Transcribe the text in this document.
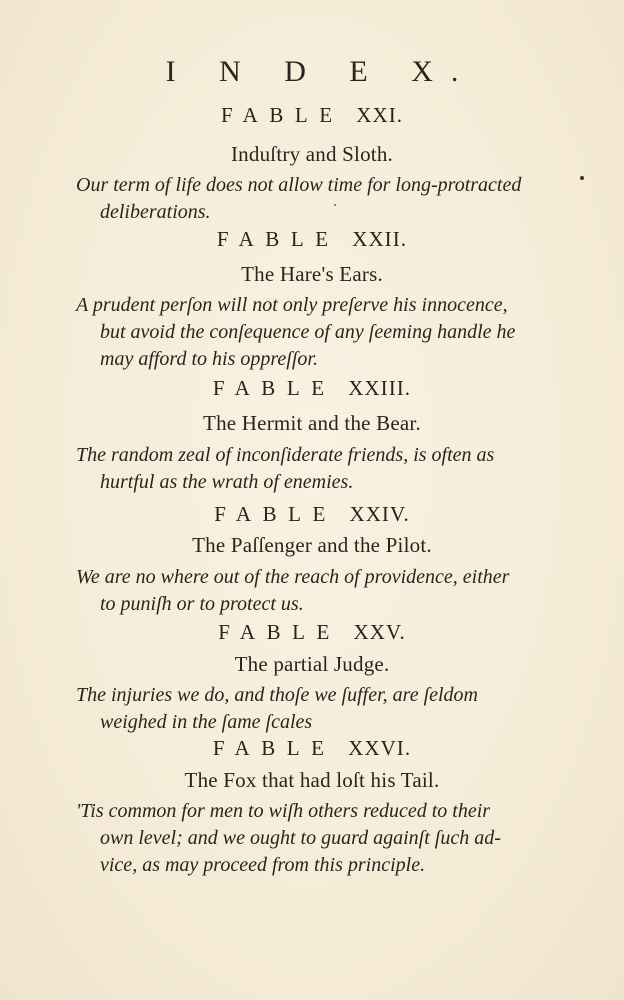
I N D E X.
FABLE XXI.
Induſtry and Sloth.
Our term of life does not allow time for long-protracted
deliberations.
FABLE XXII.
The Hare's Ears.
A prudent perſon will not only preſerve his innocence,
but avoid the conſequence of any ſeeming handle he
may afford to his oppreſſor.
FABLE XXIII.
The Hermit and the Bear.
The random zeal of inconſiderate friends, is often as
hurtful as the wrath of enemies.
FABLE XXIV.
The Paſſenger and the Pilot.
We are no where out of the reach of providence, either
to puniſh or to protect us.
FABLE XXV.
The partial Judge.
The injuries we do, and thoſe we ſuffer, are ſeldom
weighed in the ſame ſcales
FABLE XXVI.
The Fox that had loſt his Tail.
'Tis common for men to wiſh others reduced to their
own level; and we ought to guard againſt ſuch ad-
vice, as may proceed from this principle.
